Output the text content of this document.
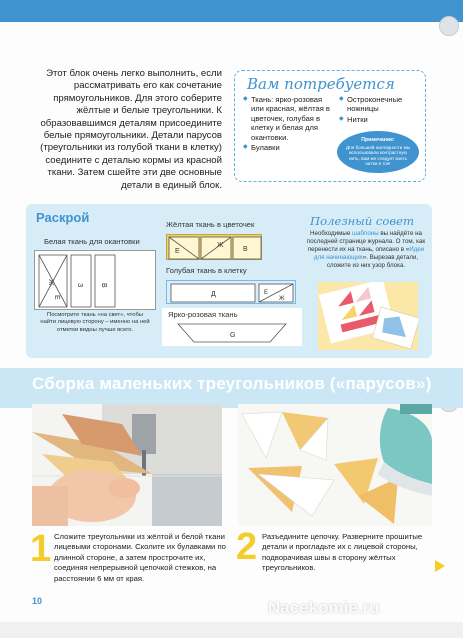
Этот блок очень легко выполнить, если рассматривать его как сочетание прямоугольников. Для этого соберите жёлтые и белые треугольники. К образовавшимся деталям присоедините белые прямоугольники. Детали парусов (треугольники из голубой ткани в клетку) соедините с деталью кормы из красной ткани. Затем сшейте эти две основные детали в единый блок.

Вам потребуется
◆ Ткань: ярко-розовая или красная, жёлтая в цветочек, голубая в клетку и белая для окантовки.
◆ Булавки
◆ Остроконечные ножницы
◆ Нитки
Примечание:
Для большей наглядности мы использовали контрастную нить, вам же следует взять нитки в тон!
Раскрой
Белая ткань для окантовки
Ж
Е
З В

Посмотрите ткань «на свет», чтобы найти лицевую сторону – именно на ней отметки видны лучше всего.

Жёлтая ткань в цветочек
Е
Ж
В
Голубая ткань в клетку
Д	Е
Ж
Ярко-розовая ткань
G
Полезный совет

Необходимые шаблоны вы найдёте на последней странице журнала. О том, как перенести их на ткань, описано в «Идеи для начинающих». Вырезав детали, сложите из них узор блока.

Сборка маленьких треугольников («парусов»)
1 Сложите треугольники из жёлтой и белой ткани лицевыми сторонами. Сколите их булавками по длинной стороне, а затем прострочите их, соединяя непрерывной цепочкой стежков, на расстоянии 6 мм от края.

2 Разъедините цепочку. Разверните прошитые детали и прогладьте их с лицевой стороны, подворачивая швы в сторону жёлтых треугольников.

10	Nacekomie.ru
